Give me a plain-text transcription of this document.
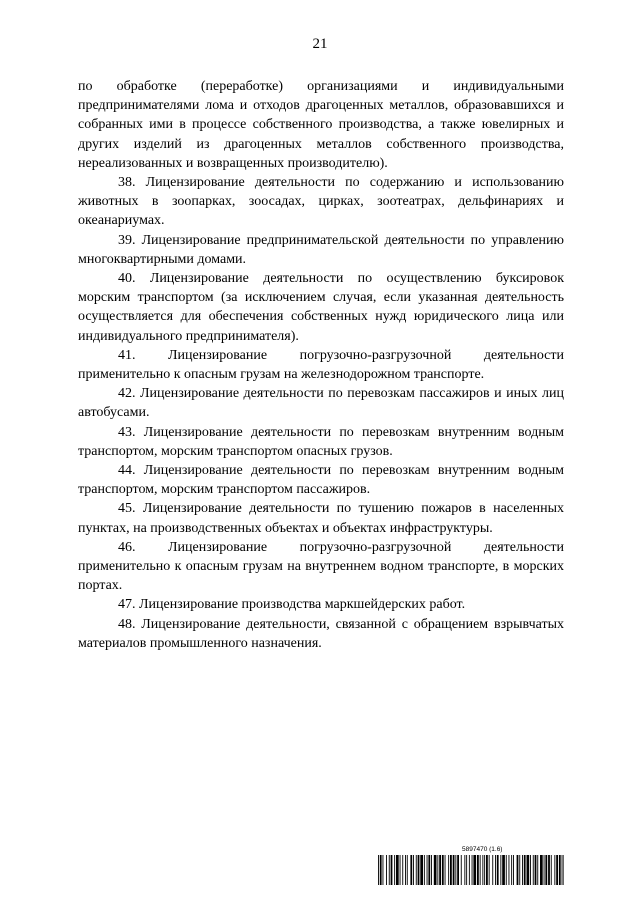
21

по обработке (переработке) организациями и индивидуальными предпринимателями лома и отходов драгоценных металлов, образовавшихся и собранных ими в процессе собственного производства, а также ювелирных и других изделий из драгоценных металлов собственного производства, нереализованных и возвращенных производителю).

38. Лицензирование деятельности по содержанию и использованию животных в зоопарках, зоосадах, цирках, зоотеатрах, дельфинариях и океанариумах.

39. Лицензирование предпринимательской деятельности по управлению многоквартирными домами.

40. Лицензирование деятельности по осуществлению буксировок морским транспортом (за исключением случая, если указанная деятельность осуществляется для обеспечения собственных нужд юридического лица или индивидуального предпринимателя).

41. Лицензирование погрузочно-разгрузочной деятельности применительно к опасным грузам на железнодорожном транспорте.

42. Лицензирование деятельности по перевозкам пассажиров и иных лиц автобусами.

43. Лицензирование деятельности по перевозкам внутренним водным транспортом, морским транспортом опасных грузов.

44. Лицензирование деятельности по перевозкам внутренним водным транспортом, морским транспортом пассажиров.

45. Лицензирование деятельности по тушению пожаров в населенных пунктах, на производственных объектах и объектах инфраструктуры.

46. Лицензирование погрузочно-разгрузочной деятельности применительно к опасным грузам на внутреннем водном транспорте, в морских портах.

47. Лицензирование производства маркшейдерских работ.

48. Лицензирование деятельности, связанной с обращением взрывчатых материалов промышленного назначения.

5897470 (1.6)
